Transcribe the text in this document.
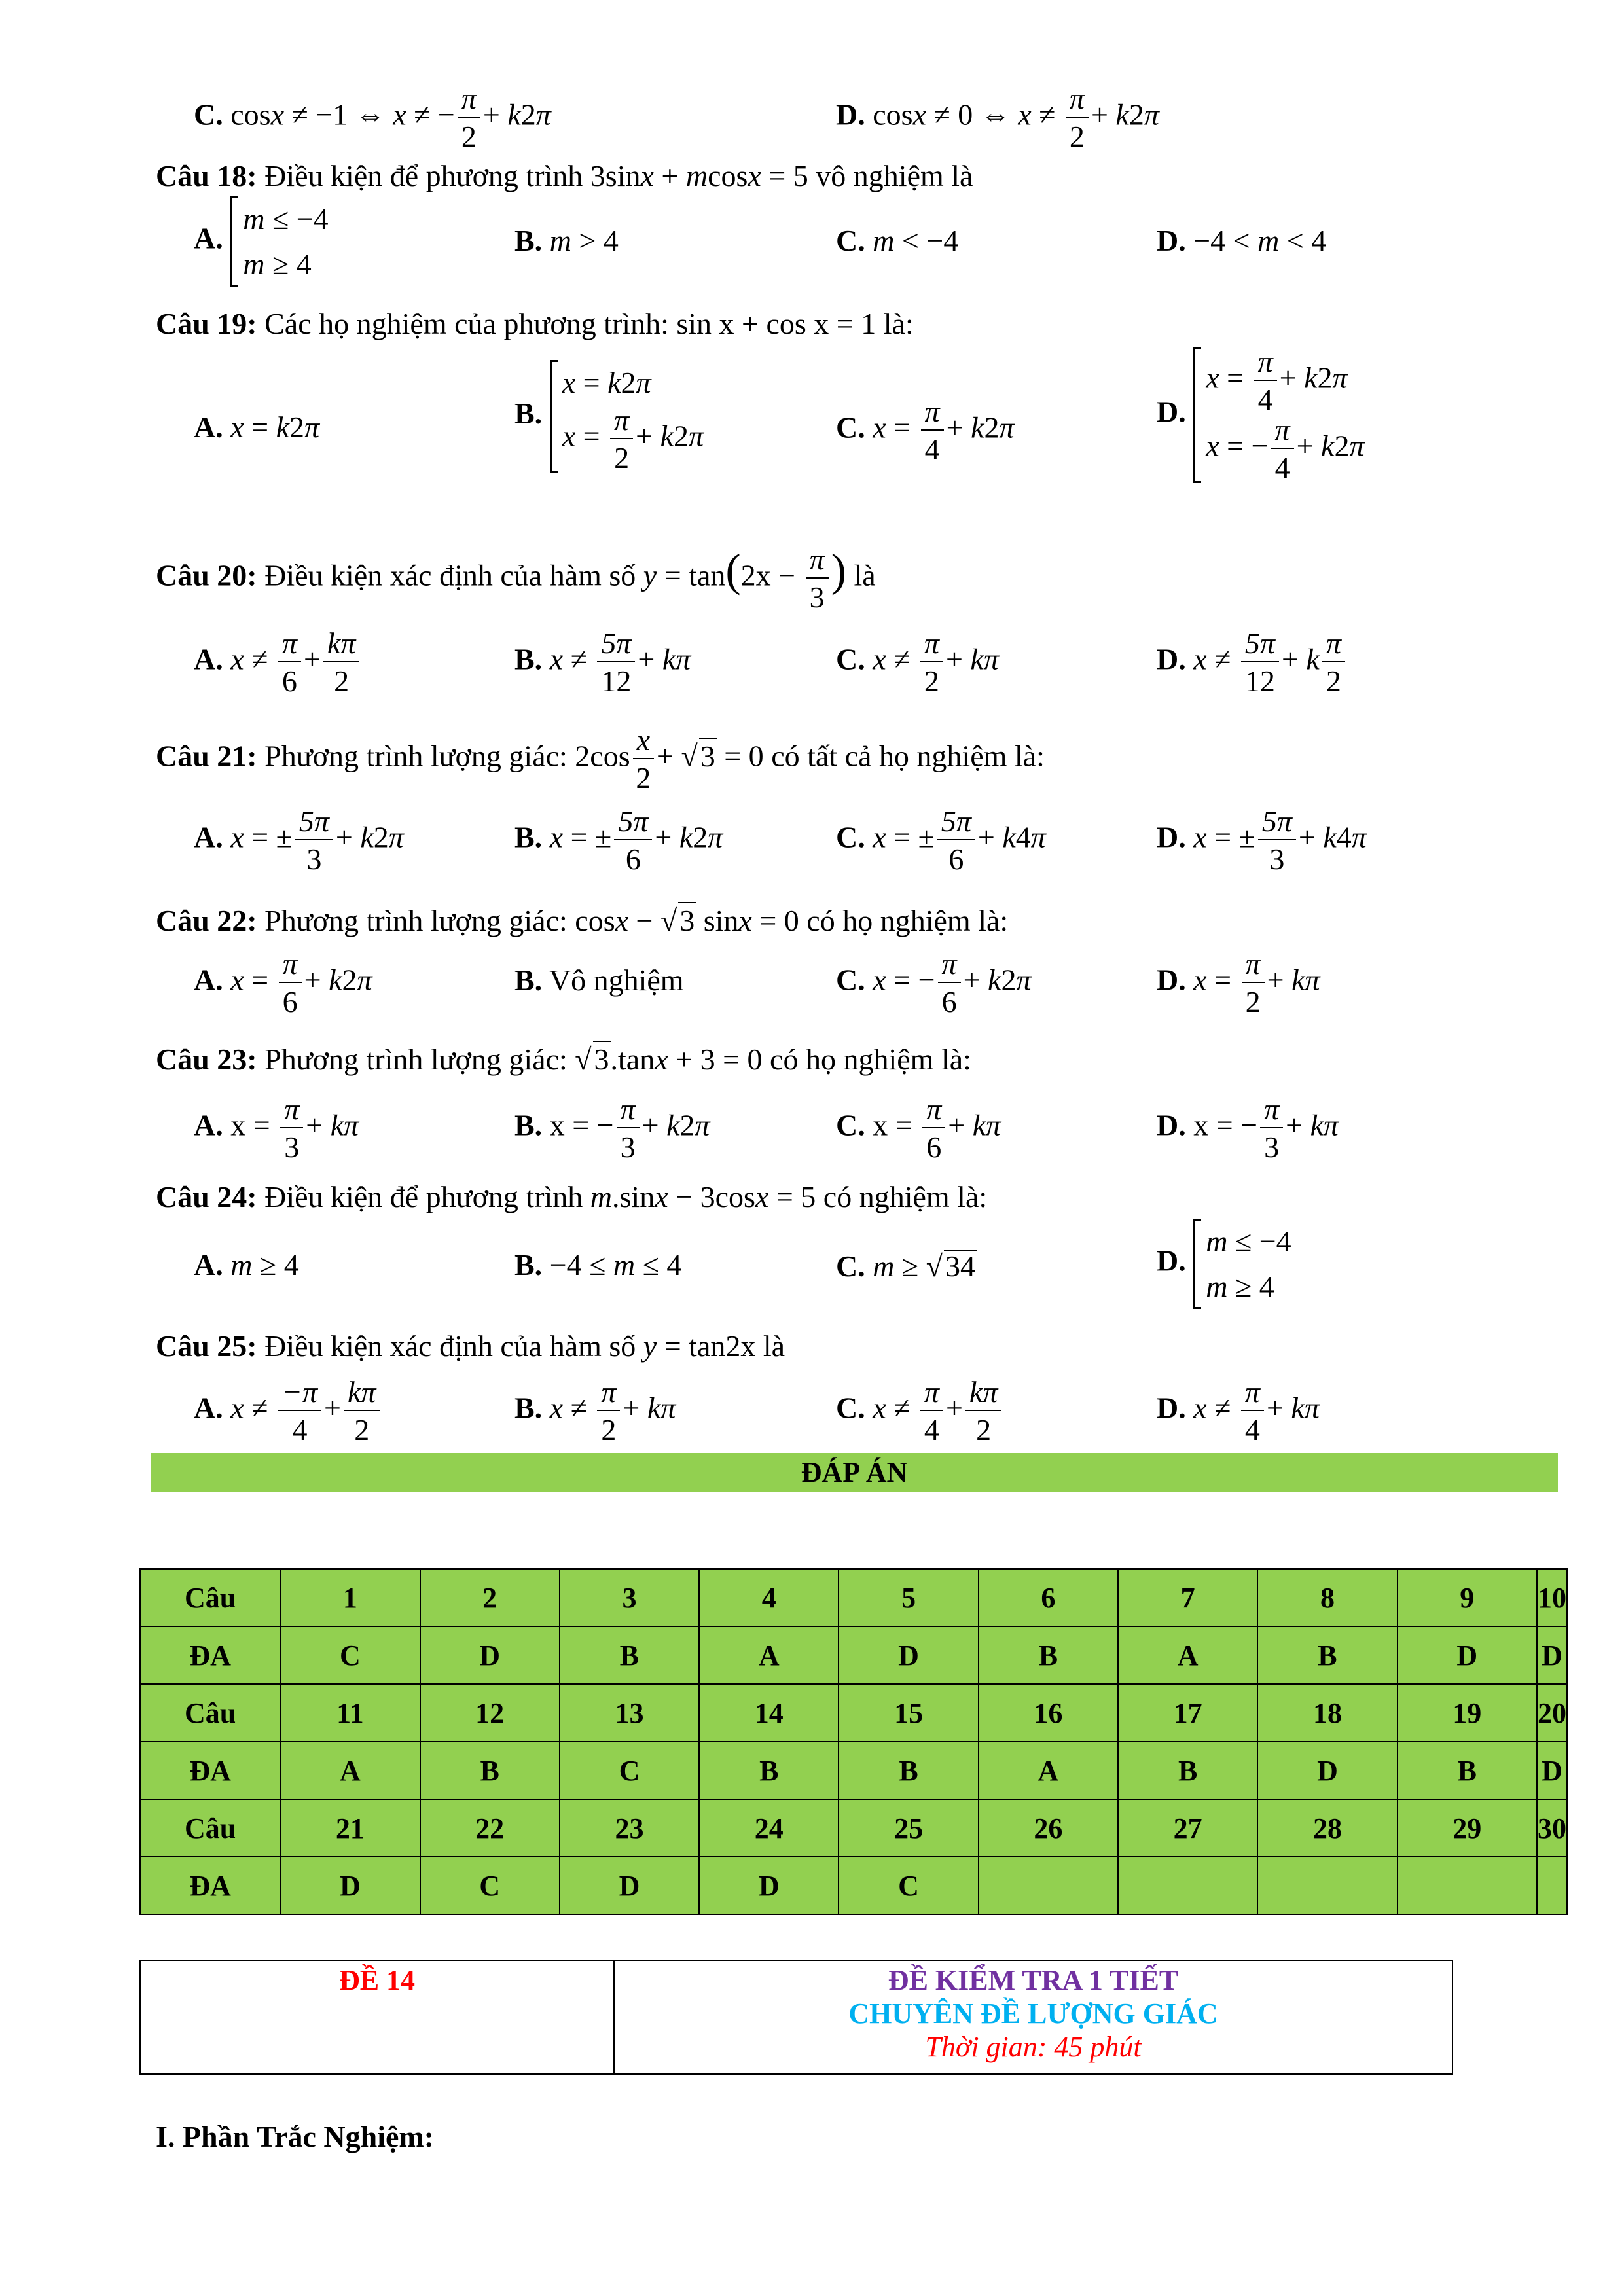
C. cosx ≠ −1 ⇔ x ≠ − $\frac{\pi}{2} + k2\pi$	D. cosx ≠ 0 ⇔ $x \ne \frac{\pi}{2} + k2\pi$
Câu 18: Điều kiện để phương trình 3sinx + mcosx = 5 vô nghiệm là
A.
m ≤ −4
m ≥ 4
B. m > 4	C. m < −4	D. −4 < m < 4
Câu 19: Các họ nghiệm của phương trình: sin x + cos x = 1 là:
A. x = k2π	B.
x = k2π
$x = \frac{\pi}{2} + k2\pi$	C. $x = \frac{\pi}{4} + k2\pi$	D.
$x = \frac{\pi}{4} + k2\pi$
x = − $\frac{\pi}{4} + k2\pi$
Câu 20: Điều kiện xác định của hàm số $y = \tan(2x - \frac{\pi}{3}$ ) là
A. $x \ne \frac{\pi}{6} + \frac{k\pi}{2}$	B. $x \ne \frac{5\pi}{12} + k\pi$	C. $x \ne \frac{\pi}{2} + k\pi$	D. $x \ne \frac{5\pi}{12} + k \frac{\pi}{2}$
Câu 21: Phương trình lượng giác: $2\cos \frac{x}{2} + √3 = 0$ có tất cả họ nghiệm là:
A. x = ± $\frac{5\pi}{3} + k2\pi$	B. x = ± $\frac{5\pi}{6} + k2\pi$	C. x = ± $\frac{5\pi}{6} + k4\pi$	D. x = ± $\frac{5\pi}{3} + k4\pi$
Câu 22: Phương trình lượng giác: cosx − √3 sinx = 0 có họ nghiệm là:
A. $x = \frac{\pi}{6} + k2\pi$	B. Vô nghiệm	C. x = − $\frac{\pi}{6} + k2\pi$	D. $x = \frac{\pi}{2} + k\pi$
Câu 23: Phương trình lượng giác: √3.tanx + 3 = 0 có họ nghiệm là:
A. $x = \frac{\pi}{3} + k\pi$	B. x = − $\frac{\pi}{3} + k2\pi$	C. $x = \frac{\pi}{6} + k\pi$	D. x = − $\frac{\pi}{3} + k\pi$
Câu 24: Điều kiện để phương trình m.sinx − 3cosx = 5 có nghiệm là:
A. m ≥ 4	B. −4 ≤ m ≤ 4	C. m ≥ √34	D.
m ≤ −4
m ≥ 4
Câu 25: Điều kiện xác định của hàm số y = tan2x là
A. $x \ne \frac{-\pi}{4} + \frac{k\pi}{2}$	B. $x \ne \frac{\pi}{2} + k\pi$	C. $x \ne \frac{\pi}{4} + \frac{k\pi}{2}$	D. $x \ne \frac{\pi}{4} + k\pi$
ĐÁP ÁN
Câu	1	2	3	4	5	6	7	8	9	10
ĐA	C	D	B	A	D	B	A	B	D	D
Câu	11	12	13	14	15	16	17	18	19	20
ĐA	A	B	C	B	B	A	B	D	B	D
Câu	21	22	23	24	25	26	27	28	29	30
ĐA	D	C	D	D	C					
ĐỀ 14	ĐỀ KIỂM TRA 1 TIẾT
CHUYÊN ĐỀ LƯỢNG GIÁC
Thời gian: 45 phút
I. Phần Trắc Nghiệm:
